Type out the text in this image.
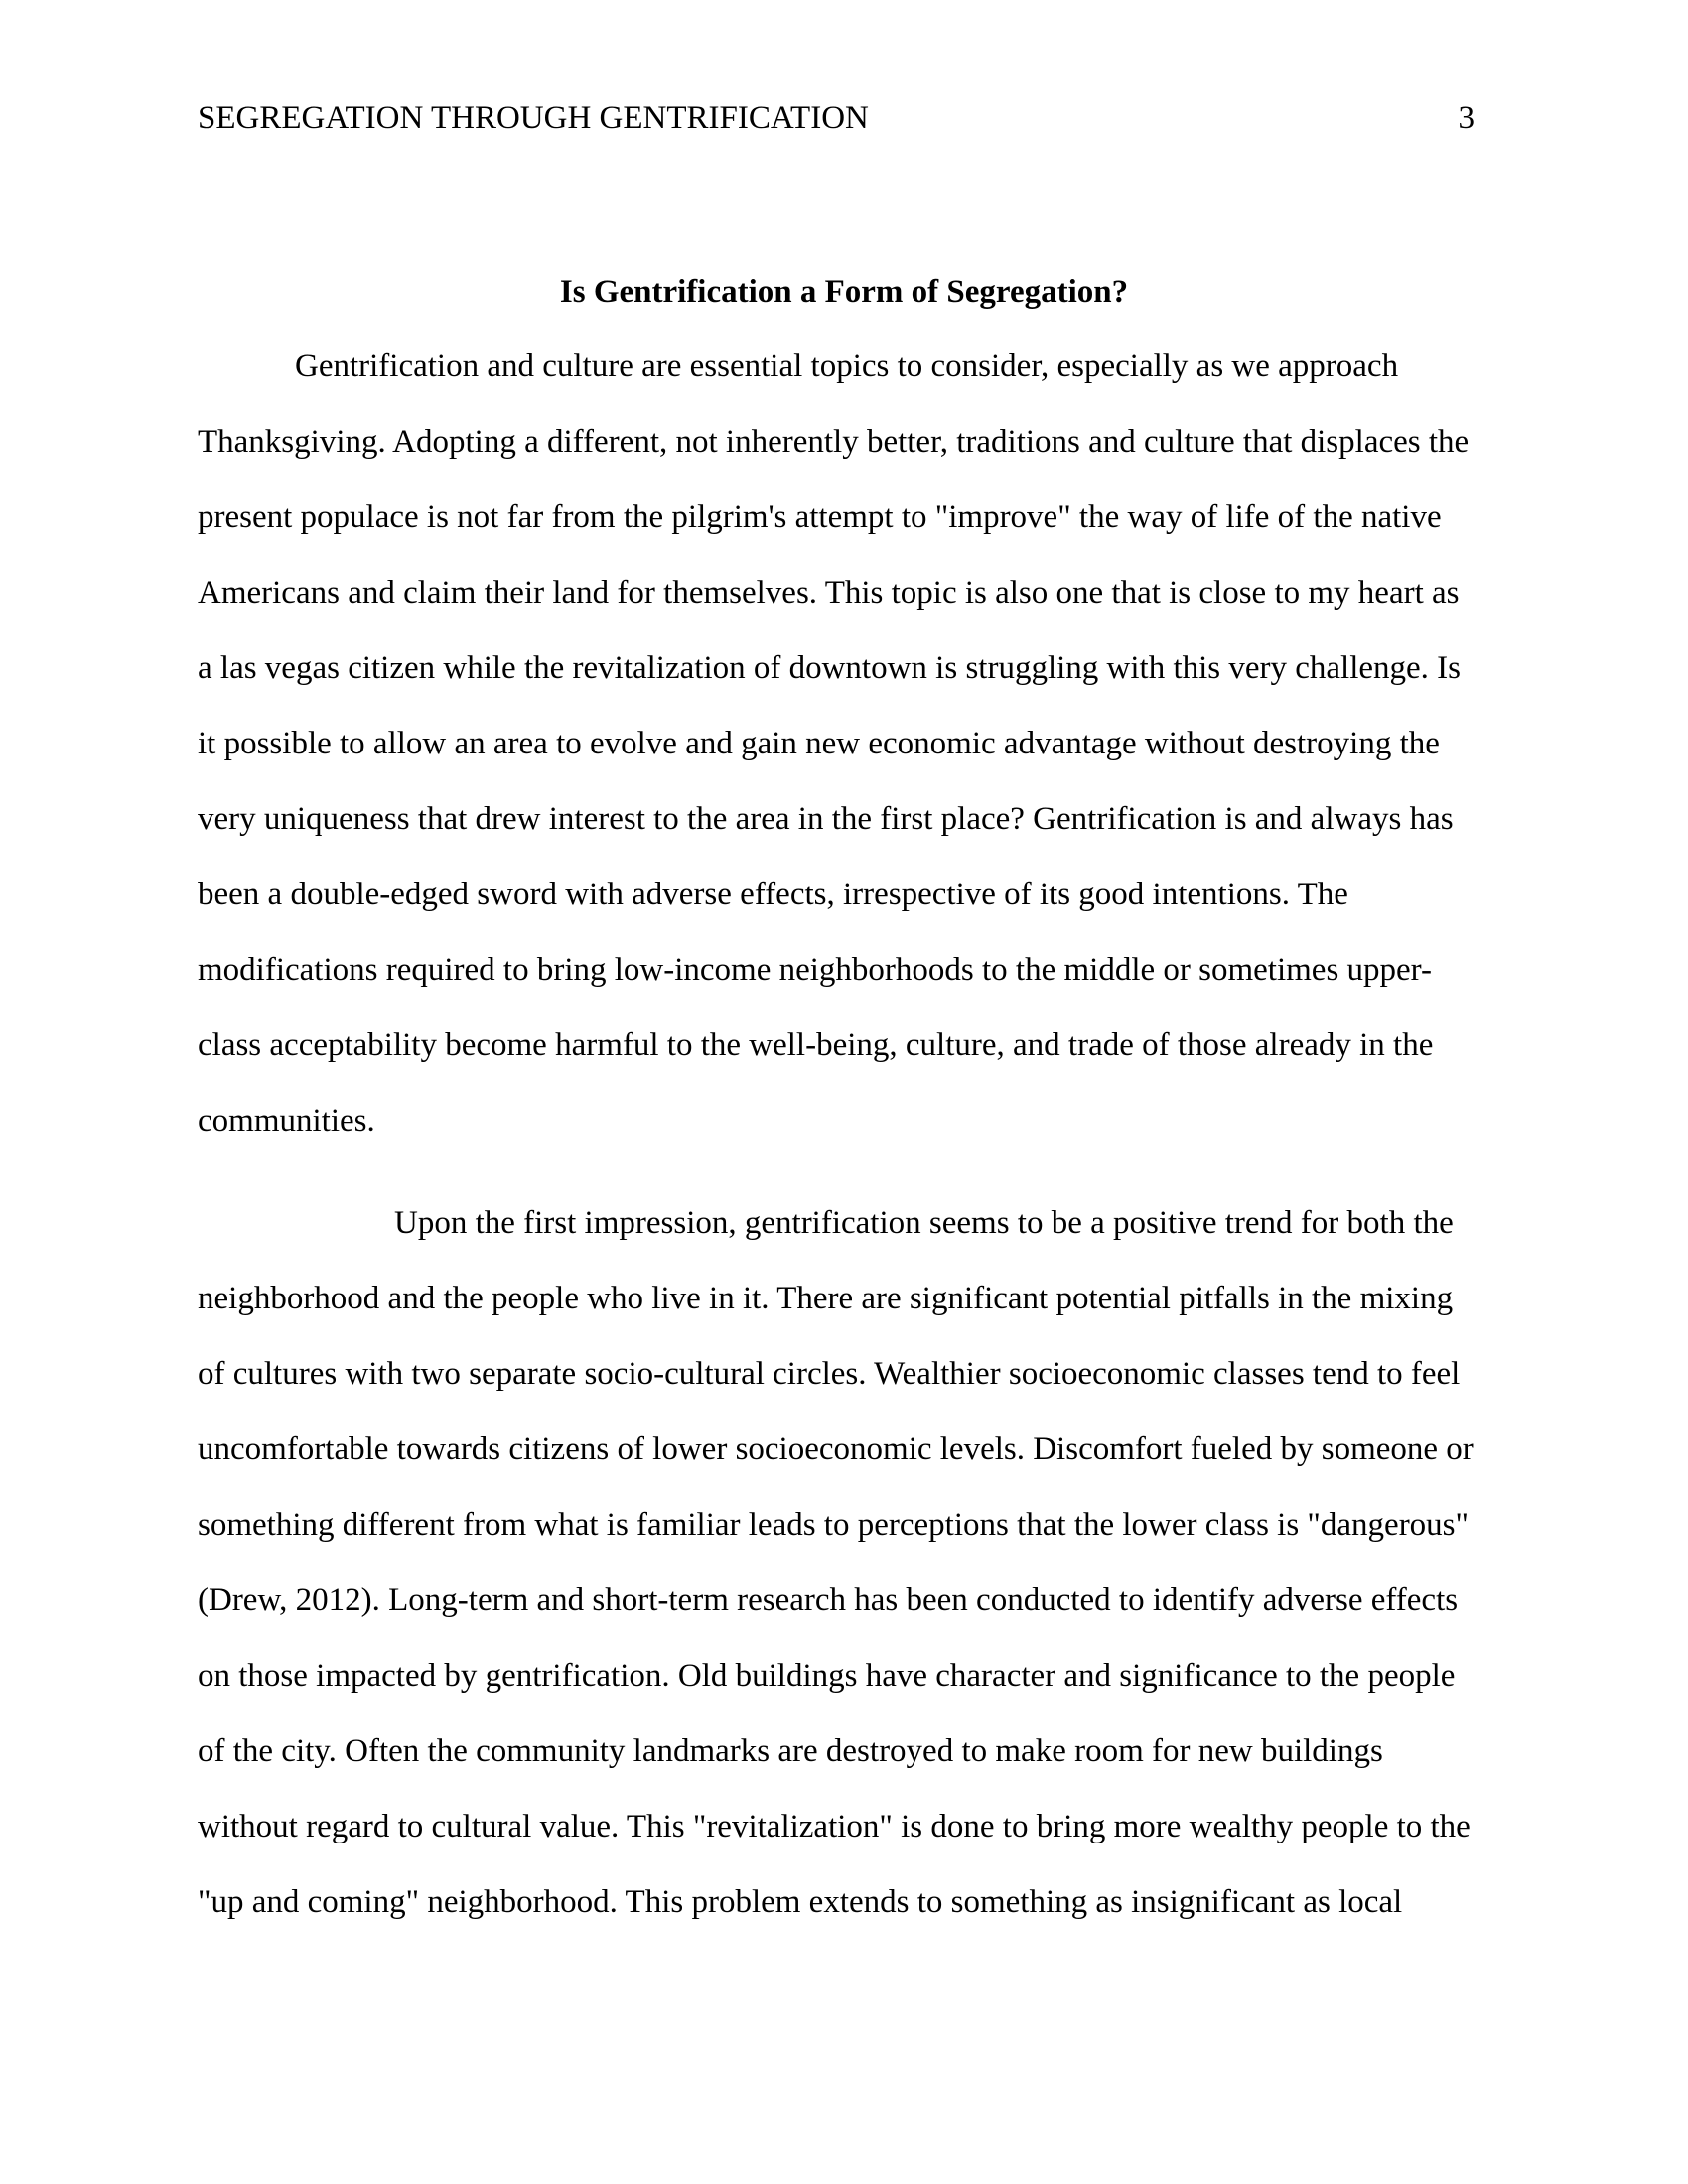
SEGREGATION THROUGH GENTRIFICATION	3
Is Gentrification a Form of Segregation?
Gentrification and culture are essential topics to consider, especially as we approach
Thanksgiving. Adopting a different, not inherently better, traditions and culture that displaces the
present populace is not far from the pilgrim's attempt to "improve" the way of life of the native
Americans and claim their land for themselves. This topic is also one that is close to my heart as
a las vegas citizen while the revitalization of downtown is struggling with this very challenge. Is
it possible to allow an area to evolve and gain new economic advantage without destroying the
very uniqueness that drew interest to the area in the first place? Gentrification is and always has
been a double-edged sword with adverse effects, irrespective of its good intentions. The
modifications required to bring low-income neighborhoods to the middle or sometimes upper-
class acceptability become harmful to the well-being, culture, and trade of those already in the
communities.
Upon the first impression, gentrification seems to be a positive trend for both the
neighborhood and the people who live in it. There are significant potential pitfalls in the mixing
of cultures with two separate socio-cultural circles. Wealthier socioeconomic classes tend to feel
uncomfortable towards citizens of lower socioeconomic levels. Discomfort fueled by someone or
something different from what is familiar leads to perceptions that the lower class is "dangerous"
(Drew, 2012). Long-term and short-term research has been conducted to identify adverse effects
on those impacted by gentrification. Old buildings have character and significance to the people
of the city. Often the community landmarks are destroyed to make room for new buildings
without regard to cultural value. This "revitalization" is done to bring more wealthy people to the
"up and coming" neighborhood. This problem extends to something as insignificant as local
